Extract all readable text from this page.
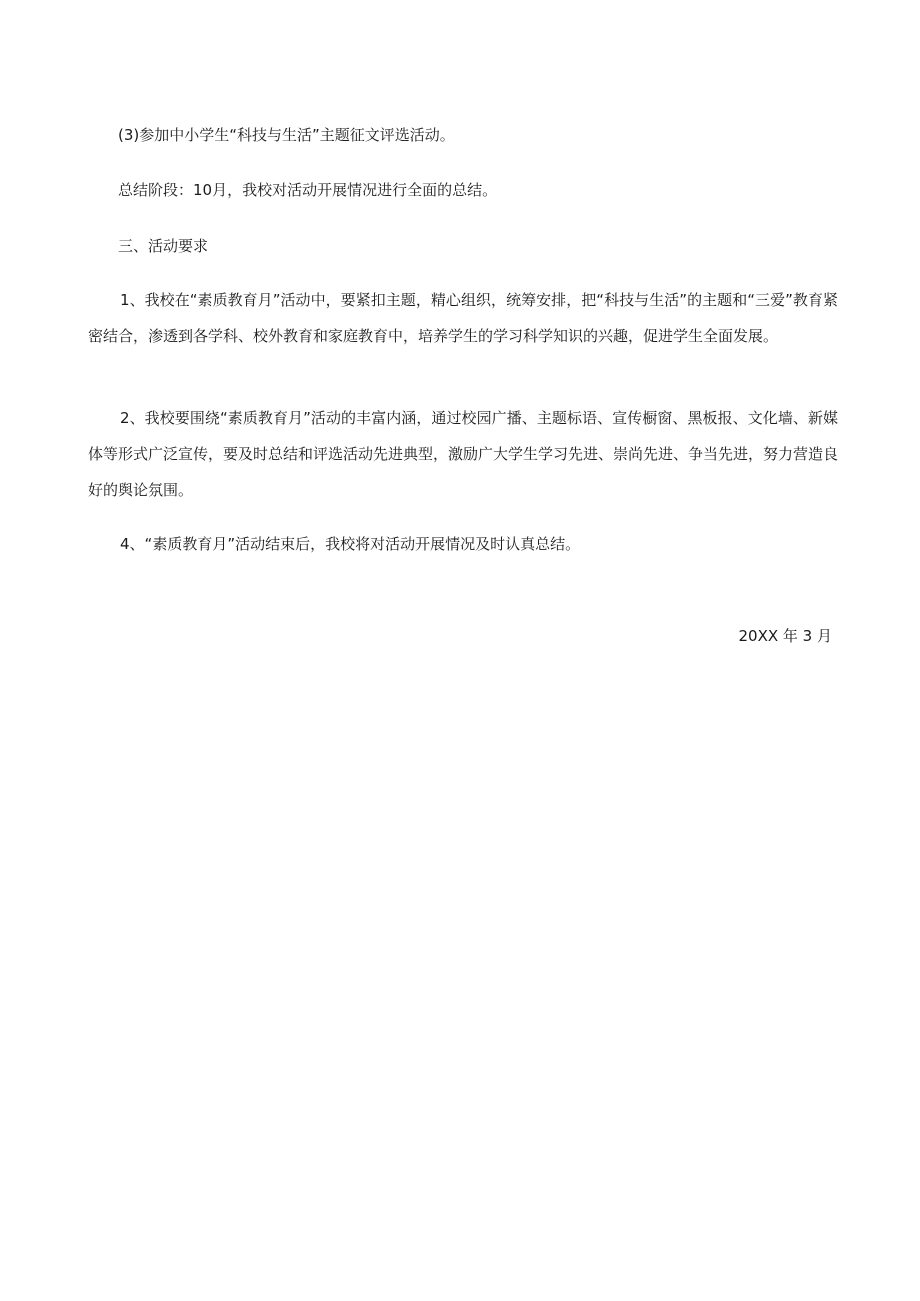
(3)参加中小学生“科技与生活”主题征文评选活动。

总结阶段：10月，我校对活动开展情况进行全面的总结。

三、活动要求

1、我校在“素质教育月”活动中，要紧扣主题，精心组织，统筹安排，把“科技与生活”的主题和“三爱”教育紧密结合，渗透到各学科、校外教育和家庭教育中，培养学生的学习科学知识的兴趣，促进学生全面发展。

2、我校要围绕“素质教育月”活动的丰富内涵，通过校园广播、主题标语、宣传橱窗、黑板报、文化墙、新媒体等形式广泛宣传，要及时总结和评选活动先进典型，激励广大学生学习先进、崇尚先进、争当先进，努力营造良好的舆论氛围。

4、“素质教育月”活动结束后，我校将对活动开展情况及时认真总结。

20XX 年 3 月
